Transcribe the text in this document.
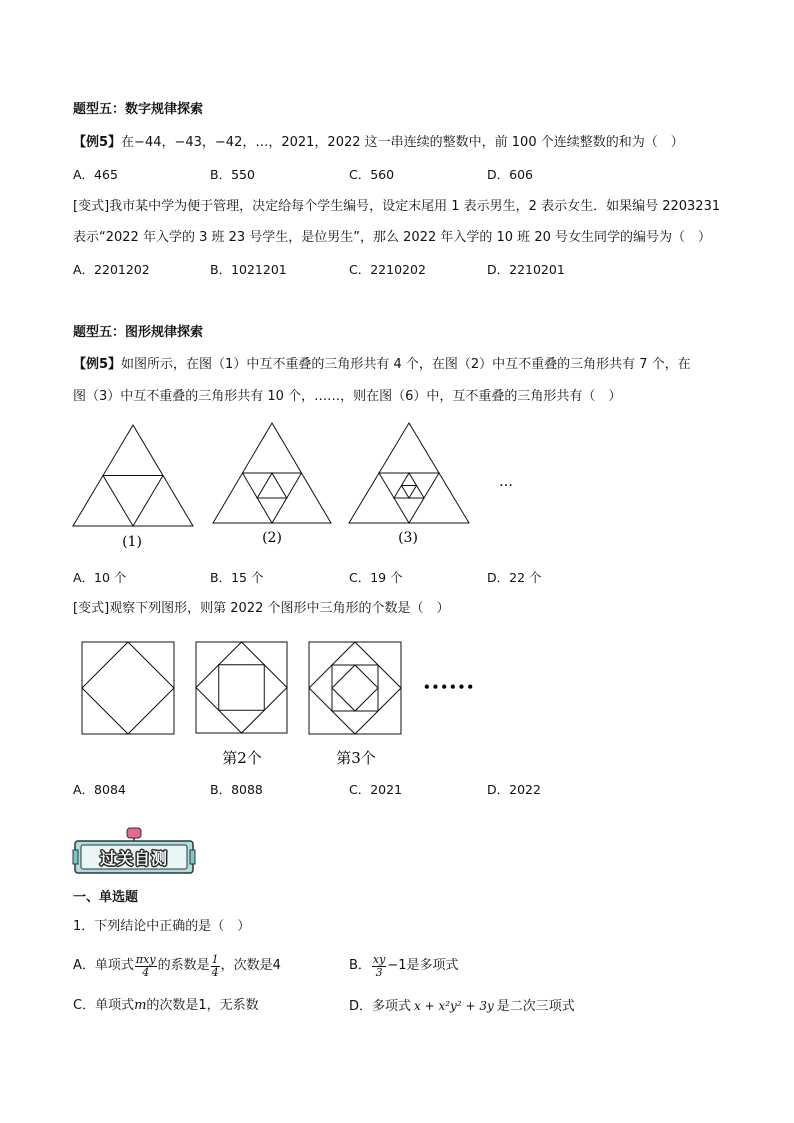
题型五：数字规律探索
【例5】在−44，−43，−42，…，2021，2022 这一串连续的整数中，前 100 个连续整数的和为（　）
A．465	B．550	C．560	D．606
[变式]我市某中学为便于管理，决定给每个学生编号，设定末尾用 1 表示男生，2 表示女生．如果编号 2203231
表示“2022 年入学的 3 班 23 号学生，是位男生”，那么 2022 年入学的 10 班 20 号女生同学的编号为（　）
A．2201202	B．1021201	C．2210202	D．2210201
题型五：图形规律探索
【例5】如图所示，在图（1）中互不重叠的三角形共有 4 个，在图（2）中互不重叠的三角形共有 7 个，在
图（3）中互不重叠的三角形共有 10 个，……，则在图（6）中，互不重叠的三角形共有（　）
(1)	(2)	(3)
…
A．10 个	B．15 个	C．19 个	D．22 个
[变式]观察下列图形，则第 2022 个图形中三角形的个数是（　）
第2个	第3个
••••••
A．8084	B．8088	C．2021	D．2022
过关自测
一、单选题
1．下列结论中正确的是（　）
A．单项式 $\frac{\text{πxy}}{4}$ 的系数是 $\frac{1}{4}$ ，次数是4	B． $\frac{xy}{3} -1$是多项式
C．单项式m的次数是1，无系数	D．多项式 x + x²y² + 3y 是二次三项式
